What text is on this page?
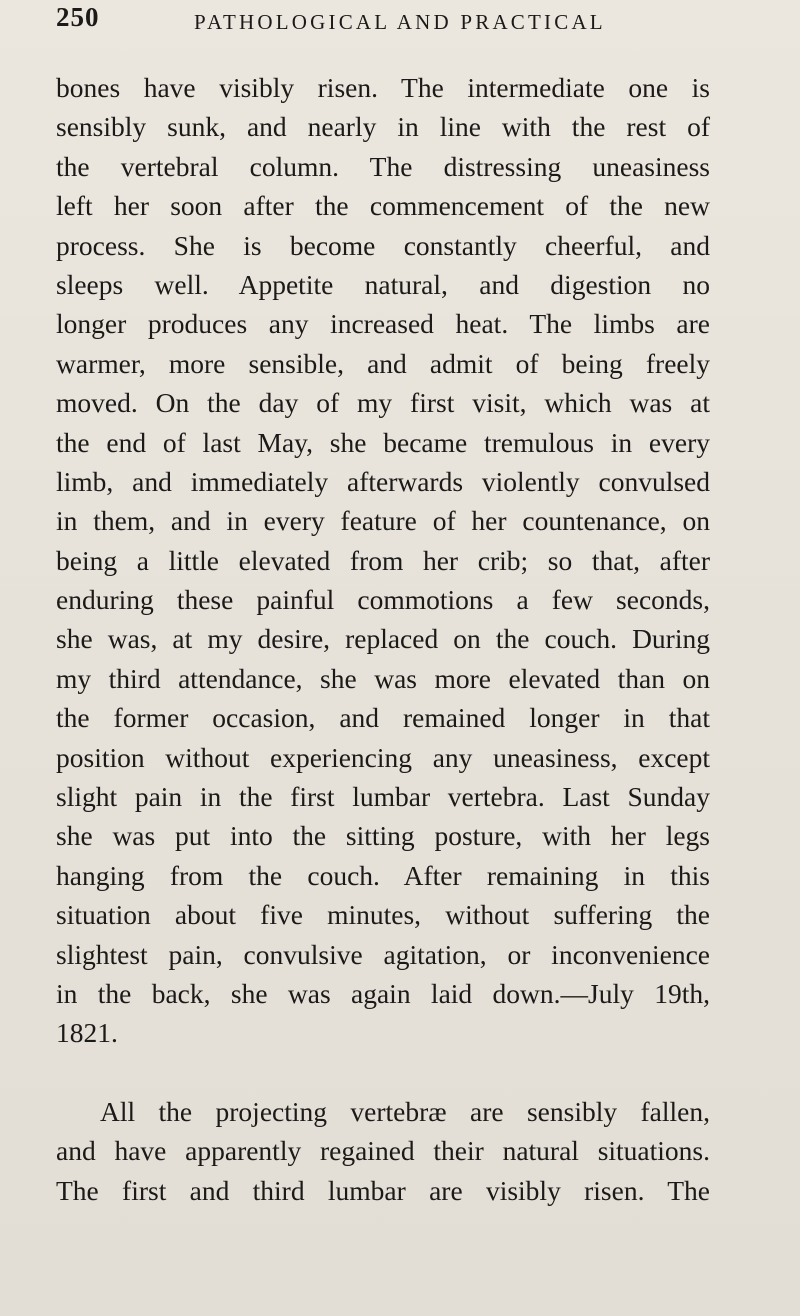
250	PATHOLOGICAL AND PRACTICAL
bones have visibly risen. The intermediate one is
sensibly sunk, and nearly in line with the rest of
the vertebral column. The distressing uneasiness
left her soon after the commencement of the new
process. She is become constantly cheerful, and
sleeps well. Appetite natural, and digestion no
longer produces any increased heat. The limbs are
warmer, more sensible, and admit of being freely
moved. On the day of my first visit, which was at
the end of last May, she became tremulous in every
limb, and immediately afterwards violently convulsed
in them, and in every feature of her countenance, on
being a little elevated from her crib; so that, after
enduring these painful commotions a few seconds,
she was, at my desire, replaced on the couch. During
my third attendance, she was more elevated than on
the former occasion, and remained longer in that
position without experiencing any uneasiness, except
slight pain in the first lumbar vertebra. Last Sunday
she was put into the sitting posture, with her legs
hanging from the couch. After remaining in this
situation about five minutes, without suffering the
slightest pain, convulsive agitation, or inconvenience
in the back, she was again laid down.—July 19th,
1821.
All the projecting vertebræ are sensibly fallen,
and have apparently regained their natural situations.
The first and third lumbar are visibly risen. The
